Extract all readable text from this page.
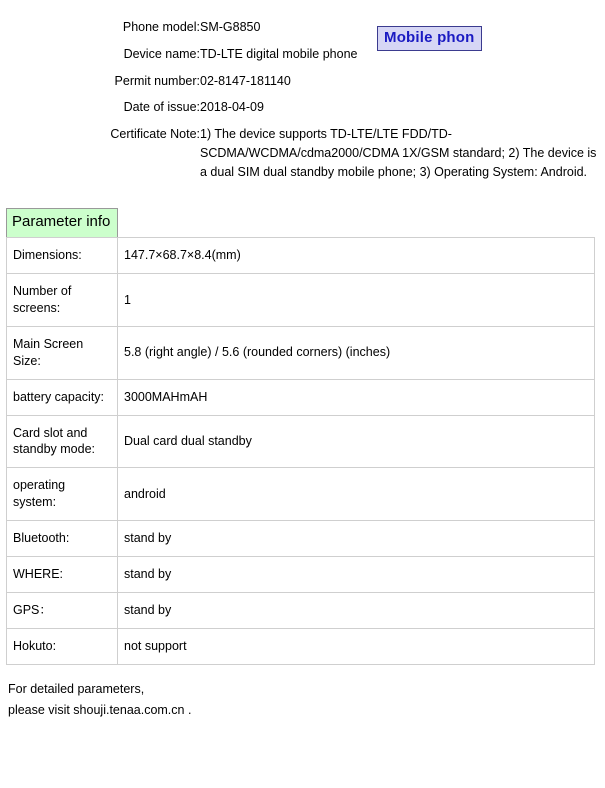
Phone model:	SM-G8850
Device name:	TD-LTE digital mobile phone
Permit number:	02-8147-181140
Date of issue:	2018-04-09
Certificate Note:	1) The device supports TD-LTE/LTE FDD/TD-SCDMA/WCDMA/cdma2000/CDMA 1X/GSM standard; 2) The device is a dual SIM dual standby mobile phone; 3) Operating System: Android.
Mobile phon
Parameter info
Dimensions:	147.7×68.7×8.4(mm)
Number of screens:	1
Main Screen Size:	5.8 (right angle) / 5.6 (rounded corners) (inches)
battery capacity:	3000MAHmAH
Card slot and standby mode:	Dual card dual standby
operating system:	android
Bluetooth:	stand by
WHERE:	stand by
GPS：	stand by
Hokuto:	not support
For detailed parameters,
please visit shouji.tenaa.com.cn .
